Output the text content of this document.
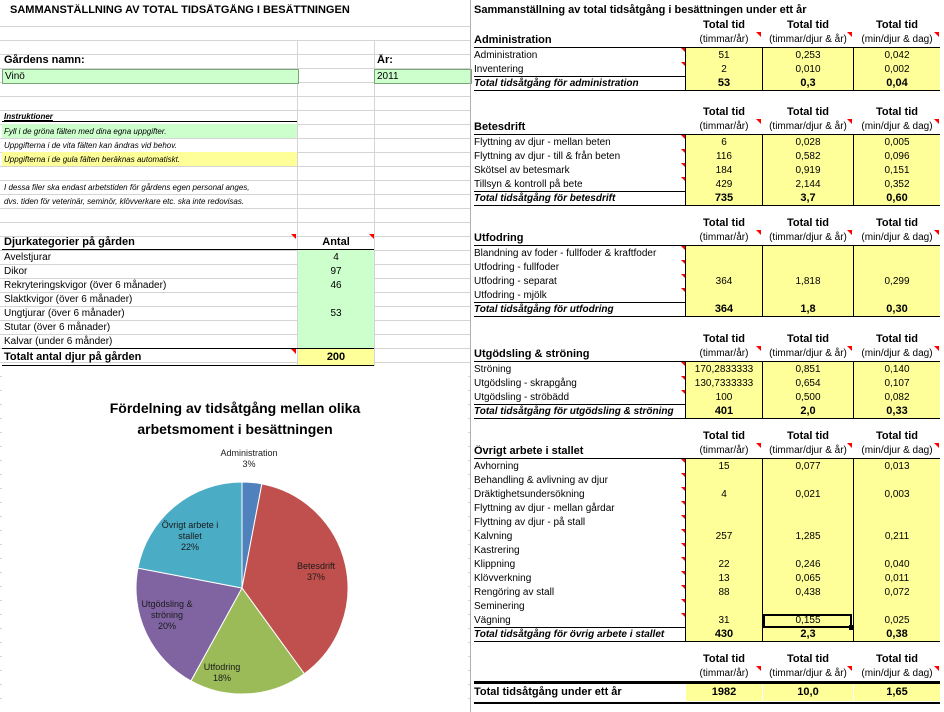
SAMMANSTÄLLNING AV TOTAL TIDSÅTGÅNG I BESÄTTNINGEN
Gårdens namn:
Vinö
År:
2011
Instruktioner
Fyll i de gröna fälten med dina egna uppgifter.
Uppgifterna i de vita fälten kan ändras vid behov.
Uppgifterna i de gula fälten beräknas automatiskt.
I dessa filer ska endast arbetstiden för gårdens egen personal anges,
dvs. tiden för veterinär, seminör, klövverkare etc. ska inte redovisas.
Djurkategorier på gården	Antal
Avelstjurar	4
Dikor	97
Rekryteringskvigor (över 6 månader)	46
Slaktkvigor (över 6 månader)
Ungtjurar (över 6 månader)	53
Stutar (över 6 månader)
Kalvar (under 6 månder)
Totalt antal djur på gården	200
Fördelning av tidsåtgång mellan olika
arbetsmoment i besättningen
Administration
3%
Betesdrift
37%
Utfodring
18%
Utgödsling &
ströning
20%
Övrigt arbete i
stallet
22%
Sammanställning av total tidsåtgång i besättningen under ett år
Total tid
(timmar/år)
Total tid
(timmar/djur & år)
Total tid
(min/djur & dag)
Administration
Administration	51	0,253	0,042
Inventering	2	0,010	0,002
Total tidsåtgång för administration	53	0,3	0,04
Total tid
(timmar/år)
Total tid
(timmar/djur & år)
Total tid
(min/djur & dag)
Betesdrift
Flyttning av djur - mellan beten	6	0,028	0,005
Flyttning av djur - till & från beten	116	0,582	0,096
Skötsel av betesmark	184	0,919	0,151
Tillsyn & kontroll på bete	429	2,144	0,352
Total tidsåtgång för betesdrift	735	3,7	0,60
Total tid
(timmar/år)
Total tid
(timmar/djur & år)
Total tid
(min/djur & dag)
Utfodring
Blandning av foder - fullfoder & kraftfoder
Utfodring - fullfoder
Utfodring - separat	364	1,818	0,299
Utfodring - mjölk
Total tidsåtgång för utfodring	364	1,8	0,30
Total tid
(timmar/år)
Total tid
(timmar/djur & år)
Total tid
(min/djur & dag)
Utgödsling & ströning
Ströning	170,2833333	0,851	0,140
Utgödsling - skrapgång	130,7333333	0,654	0,107
Utgödsling - ströbädd	100	0,500	0,082
Total tidsåtgång för utgödsling & ströning	401	2,0	0,33
Total tid
(timmar/år)
Total tid
(timmar/djur & år)
Total tid
(min/djur & dag)
Övrigt arbete i stallet
Avhorning	15	0,077	0,013
Behandling & avlivning av djur
Dräktighetsundersökning	4	0,021	0,003
Flyttning av djur - mellan gårdar
Flyttning av djur - på stall
Kalvning	257	1,285	0,211
Kastrering
Klippning	22	0,246	0,040
Klövverkning	13	0,065	0,011
Rengöring av stall	88	0,438	0,072
Seminering
Vägning	31	0,155	0,025
Total tidsåtgång för övrig arbete i stallet	430	2,3	0,38
Total tid
(timmar/år)
Total tid
(timmar/djur & år)
Total tid
(min/djur & dag)
Total tidsåtgång under ett år	1982	10,0	1,65
